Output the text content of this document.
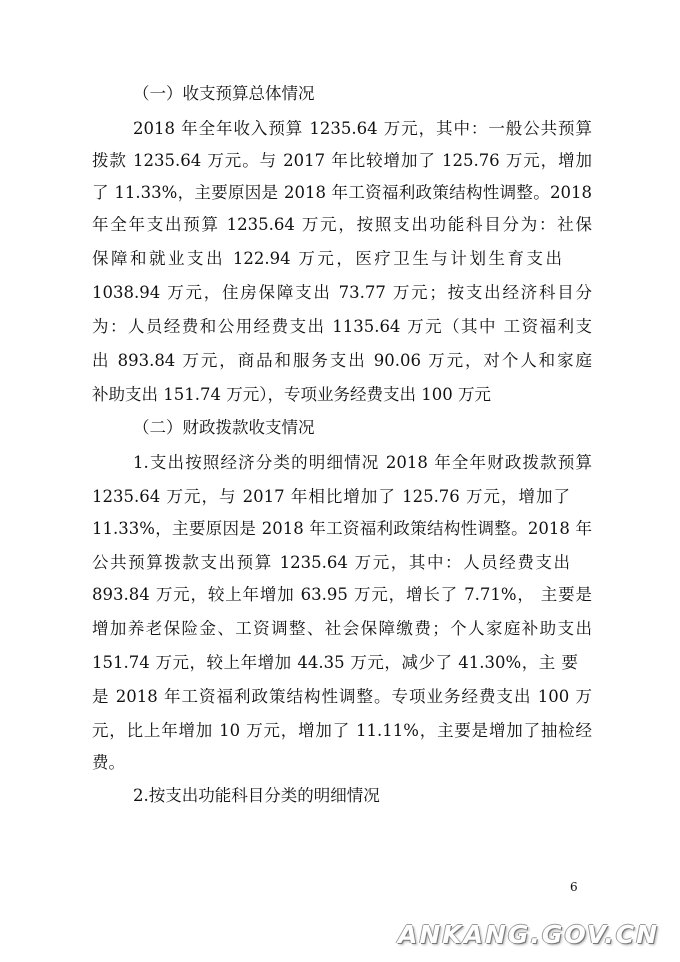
（一）收支预算总体情况
2018 年全年收入预算 1235.64 万元，其中：一般公共预算
拨款 1235.64 万元。与 2017 年比较增加了 125.76 万元，增加
了 11.33%，主要原因是 2018 年工资福利政策结构性调整。2018
年全年支出预算 1235.64 万元，按照支出功能科目分为：社保
保障和就业支出 122.94 万元，医疗卫生与计划生育支出
1038.94 万元，住房保障支出 73.77 万元；按支出经济科目分
为：人员经费和公用经费支出 1135.64 万元（其中 工资福利支
出 893.84 万元，商品和服务支出 90.06 万元，对个人和家庭
补助支出 151.74 万元），专项业务经费支出 100 万元
（二）财政拨款收支情况
1.支出按照经济分类的明细情况 2018 年全年财政拨款预算
1235.64 万元，与 2017 年相比增加了 125.76 万元，增加了
11.33%，主要原因是 2018 年工资福利政策结构性调整。2018 年
公共预算拨款支出预算 1235.64 万元，其中：人员经费支出
893.84 万元，较上年增加 63.95 万元，增长了 7.71%， 主要是
增加养老保险金、工资调整、社会保障缴费；个人家庭补助支出
151.74 万元，较上年增加 44.35 万元，减少了 41.30%，主 要
是 2018 年工资福利政策结构性调整。专项业务经费支出 100 万
元，比上年增加 10 万元，增加了 11.11%，主要是增加了抽检经
费。
2.按支出功能科目分类的明细情况
6
ANKANG.GOV.CN
